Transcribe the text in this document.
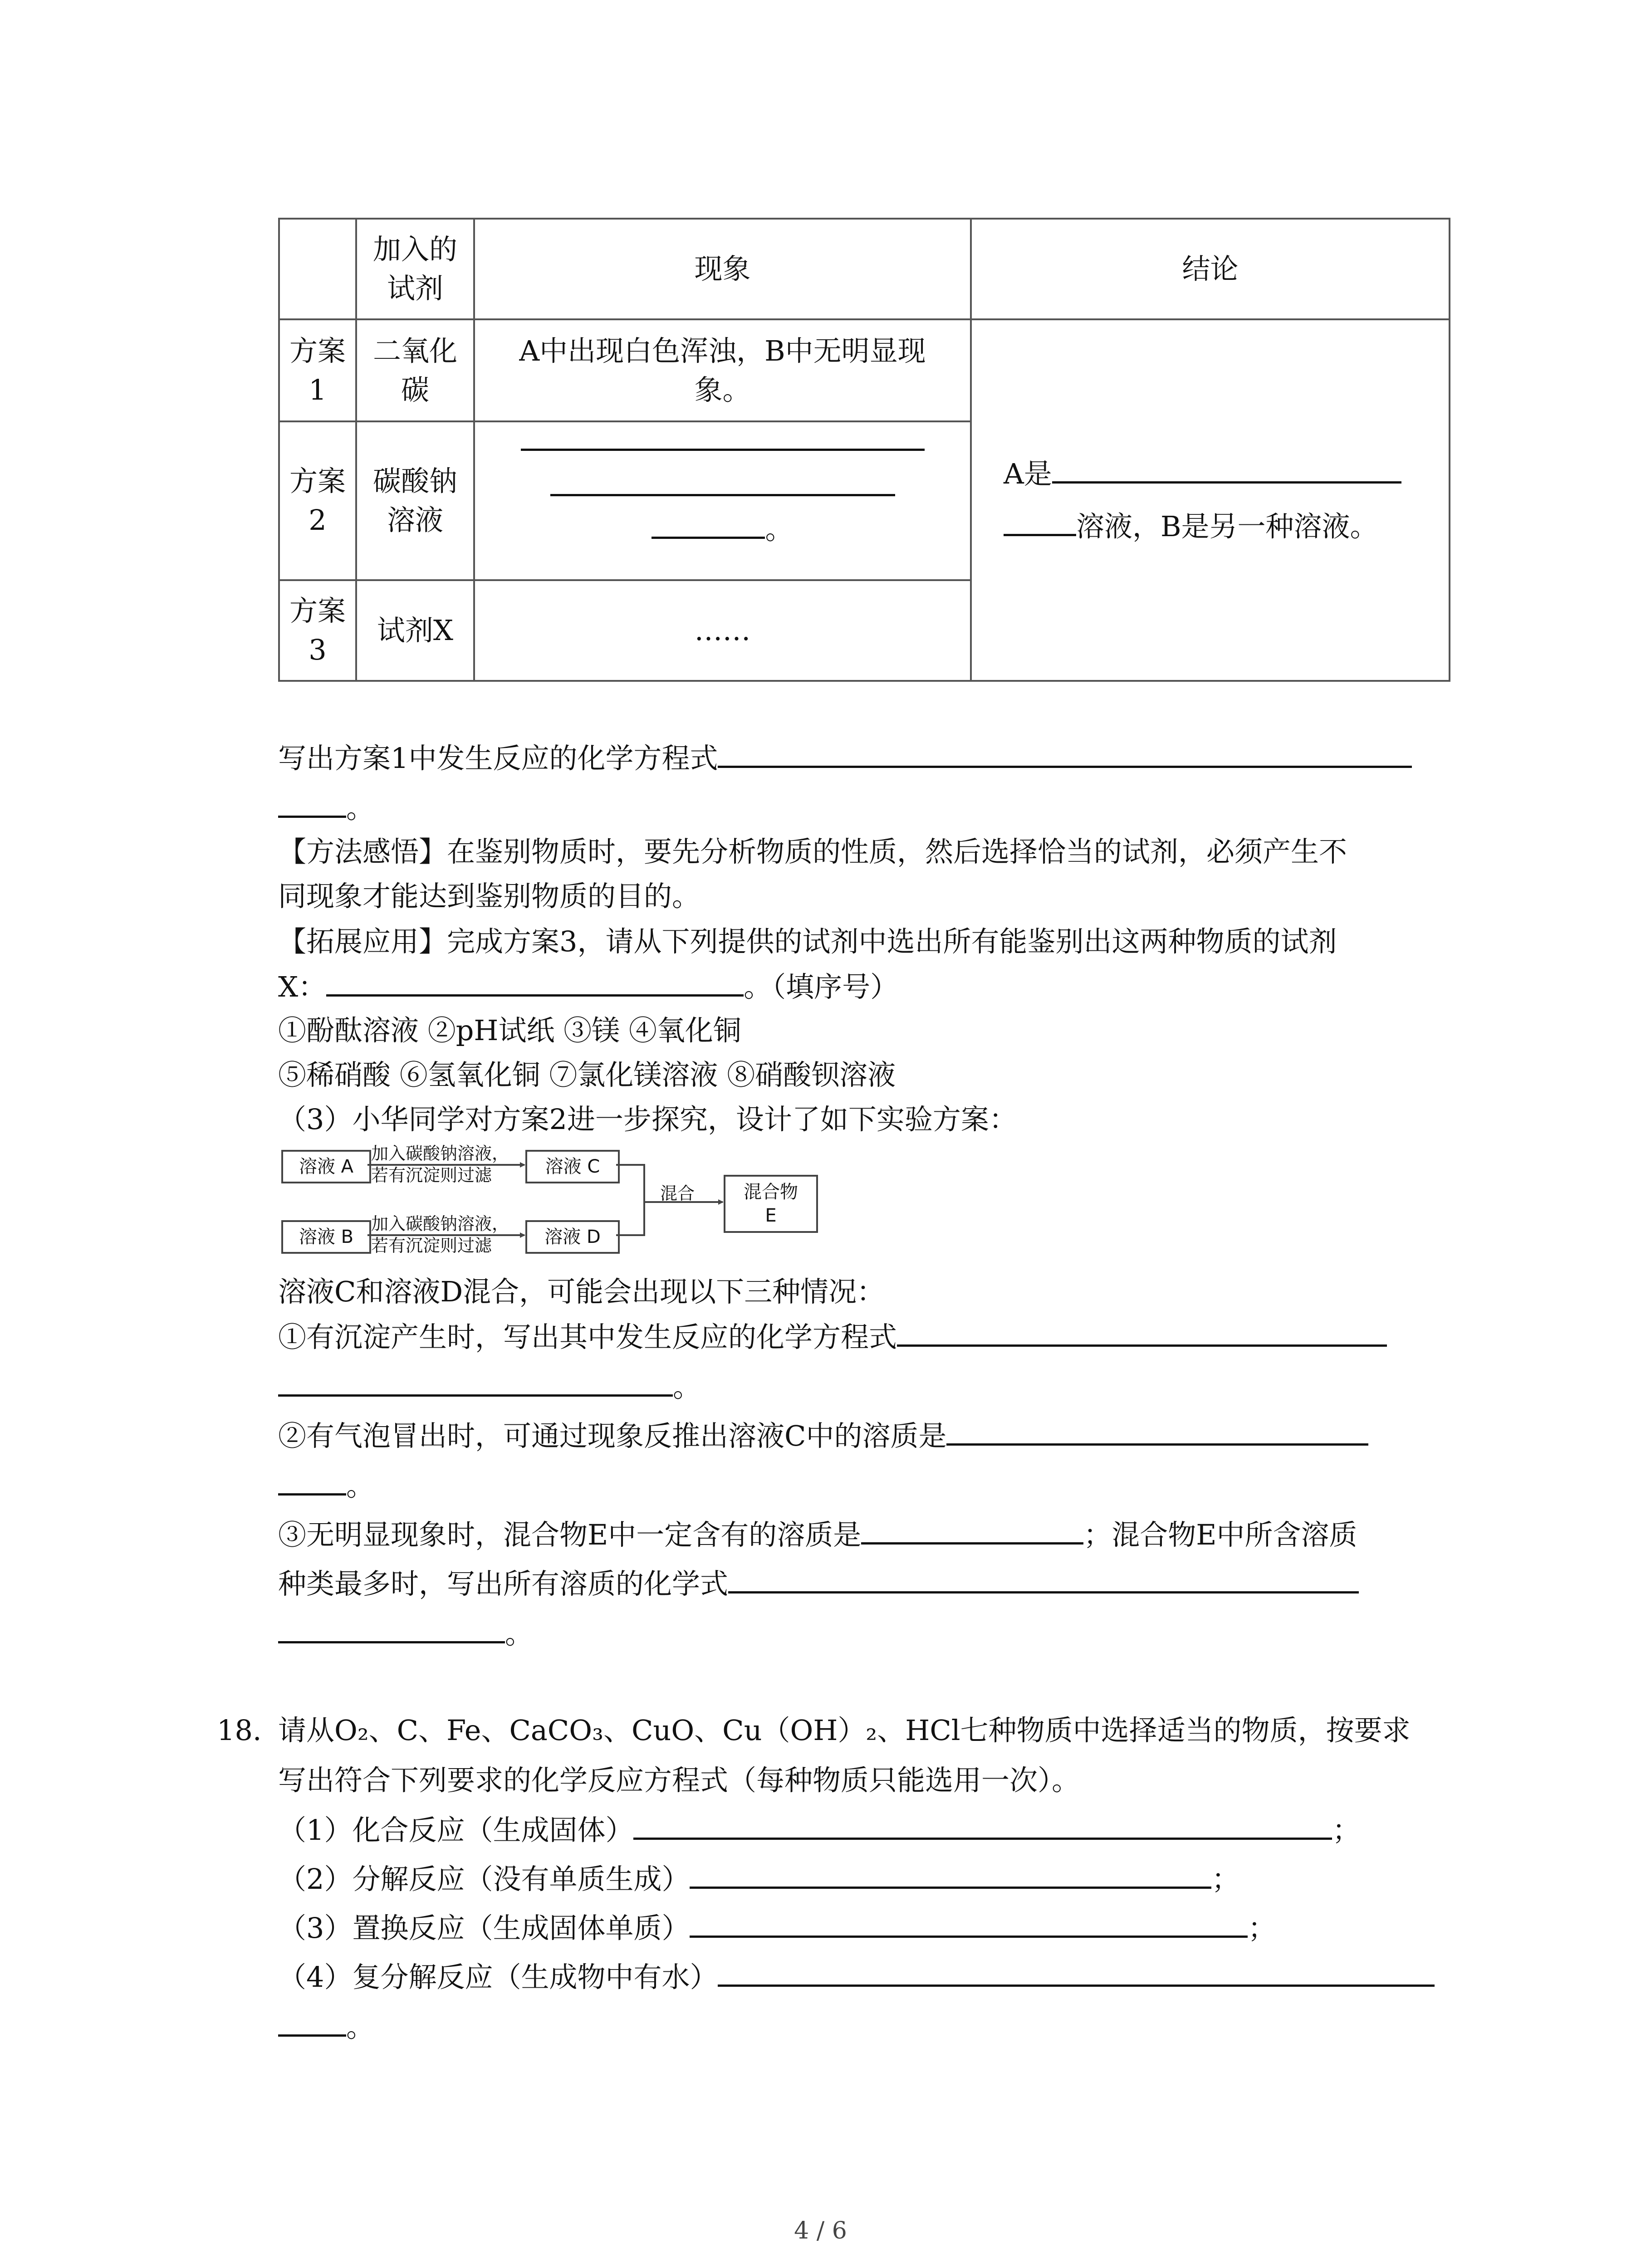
	加入的试剂	现象	结论
方案1	二氧化碳	A中出现白色浑浊，B中无明显现象。	A是
溶液，B是另一种溶液。

方案2	碳酸钠溶液	。	

方案3	试剂X	……	
写出方案1中发生反应的化学方程式
。
【方法感悟】在鉴别物质时，要先分析物质的性质，然后选择恰当的试剂，必须产生不
同现象才能达到鉴别物质的目的。
【拓展应用】完成方案3，请从下列提供的试剂中选出所有能鉴别出这两种物质的试剂
X：	。（填序号）
①酚酞溶液 ②pH试纸 ③镁 ④氧化铜
⑤稀硝酸 ⑥氢氧化铜 ⑦氯化镁溶液 ⑧硝酸钡溶液
（3）小华同学对方案2进一步探究，设计了如下实验方案：
溶液 A
溶液 B
溶液 C
溶液 D
混合物
E
加入碳酸钠溶液，
若有沉淀则过滤
加入碳酸钠溶液，
若有沉淀则过滤
混合
溶液C和溶液D混合，可能会出现以下三种情况：
①有沉淀产生时，写出其中发生反应的化学方程式
。
②有气泡冒出时，可通过现象反推出溶液C中的溶质是
。
③无明显现象时，混合物E中一定含有的溶质是	；混合物E中所含溶质
种类最多时，写出所有溶质的化学式
。
18. 请从O₂、C、Fe、CaCO₃、CuO、Cu（OH）₂、HCl七种物质中选择适当的物质，按要求
写出符合下列要求的化学反应方程式（每种物质只能选用一次）。
（1）化合反应（生成固体）	；
（2）分解反应（没有单质生成）	；
（3）置换反应（生成固体单质）	；
（4）复分解反应（生成物中有水）
。
4 / 6
